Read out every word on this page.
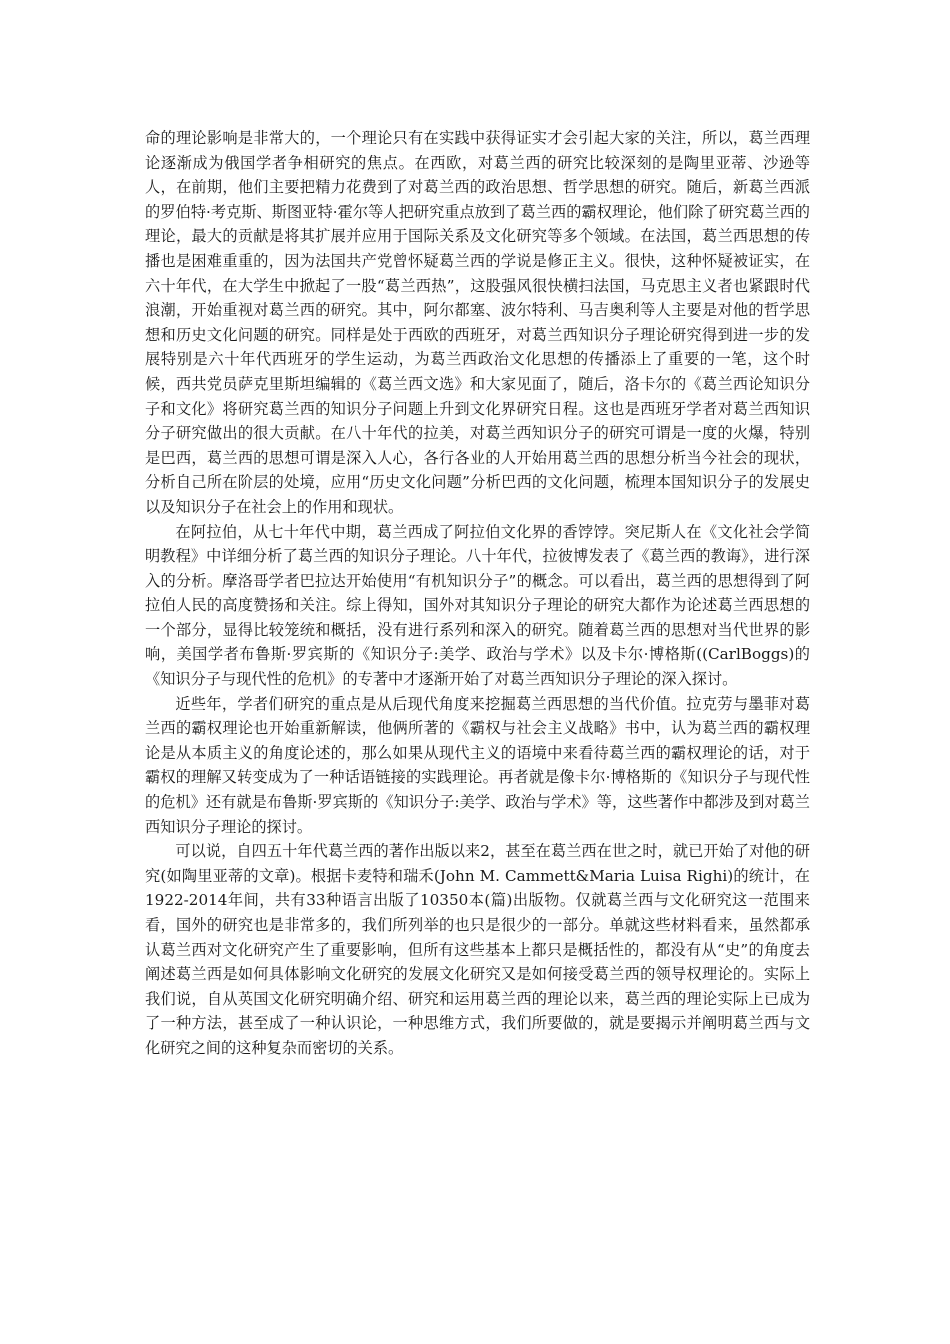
命的理论影响是非常大的，一个理论只有在实践中获得证实才会引起大家的关注，所以，葛兰西理论逐渐成为俄国学者争相研究的焦点。在西欧，对葛兰西的研究比较深刻的是陶里亚蒂、沙逊等人，在前期，他们主要把精力花费到了对葛兰西的政治思想、哲学思想的研究。随后，新葛兰西派的罗伯特·考克斯、斯图亚特·霍尔等人把研究重点放到了葛兰西的霸权理论，他们除了研究葛兰西的理论，最大的贡献是将其扩展并应用于国际关系及文化研究等多个领域。在法国，葛兰西思想的传播也是困难重重的，因为法国共产党曾怀疑葛兰西的学说是修正主义。很快，这种怀疑被证实，在六十年代，在大学生中掀起了一股“葛兰西热”，这股强风很快横扫法国，马克思主义者也紧跟时代浪潮，开始重视对葛兰西的研究。其中，阿尔都塞、波尔特利、马吉奥利等人主要是对他的哲学思想和历史文化问题的研究。同样是处于西欧的西班牙，对葛兰西知识分子理论研究得到进一步的发展特别是六十年代西班牙的学生运动，为葛兰西政治文化思想的传播添上了重要的一笔，这个时候，西共党员萨克里斯坦编辑的《葛兰西文选》和大家见面了，随后，洛卡尔的《葛兰西论知识分子和文化》将研究葛兰西的知识分子问题上升到文化界研究日程。这也是西班牙学者对葛兰西知识分子研究做出的很大贡献。在八十年代的拉美，对葛兰西知识分子的研究可谓是一度的火爆，特别是巴西，葛兰西的思想可谓是深入人心，各行各业的人开始用葛兰西的思想分析当今社会的现状，分析自己所在阶层的处境，应用“历史文化问题”分析巴西的文化问题，梳理本国知识分子的发展史以及知识分子在社会上的作用和现状。

在阿拉伯，从七十年代中期，葛兰西成了阿拉伯文化界的香饽饽。突尼斯人在《文化社会学简明教程》中详细分析了葛兰西的知识分子理论。八十年代，拉彼博发表了《葛兰西的教诲》，进行深入的分析。摩洛哥学者巴拉达开始使用“有机知识分子”的概念。可以看出，葛兰西的思想得到了阿拉伯人民的高度赞扬和关注。综上得知，国外对其知识分子理论的研究大都作为论述葛兰西思想的一个部分，显得比较笼统和概括，没有进行系列和深入的研究。随着葛兰西的思想对当代世界的影响，美国学者布鲁斯·罗宾斯的《知识分子:美学、政治与学术》以及卡尔·博格斯((CarlBoggs)的《知识分子与现代性的危机》的专著中才逐渐开始了对葛兰西知识分子理论的深入探讨。

近些年，学者们研究的重点是从后现代角度来挖掘葛兰西思想的当代价值。拉克劳与墨菲对葛兰西的霸权理论也开始重新解读，他俩所著的《霸权与社会主义战略》书中，认为葛兰西的霸权理论是从本质主义的角度论述的，那么如果从现代主义的语境中来看待葛兰西的霸权理论的话，对于霸权的理解又转变成为了一种话语链接的实践理论。再者就是像卡尔·博格斯的《知识分子与现代性的危机》还有就是布鲁斯·罗宾斯的《知识分子:美学、政治与学术》等，这些著作中都涉及到对葛兰西知识分子理论的探讨。

可以说，自四五十年代葛兰西的著作出版以来2，甚至在葛兰西在世之时，就已开始了对他的研究(如陶里亚蒂的文章)。根据卡麦特和瑞禾(John M. Cammett&Maria Luisa Righi)的统计，在1922-2014年间，共有33种语言出版了10350本(篇)出版物。仅就葛兰西与文化研究这一范围来看，国外的研究也是非常多的，我们所列举的也只是很少的一部分。单就这些材料看来，虽然都承认葛兰西对文化研究产生了重要影响，但所有这些基本上都只是概括性的，都没有从“史”的角度去阐述葛兰西是如何具体影响文化研究的发展文化研究又是如何接受葛兰西的领导权理论的。实际上我们说，自从英国文化研究明确介绍、研究和运用葛兰西的理论以来，葛兰西的理论实际上已成为了一种方法，甚至成了一种认识论，一种思维方式，我们所要做的，就是要揭示并阐明葛兰西与文化研究之间的这种复杂而密切的关系。
